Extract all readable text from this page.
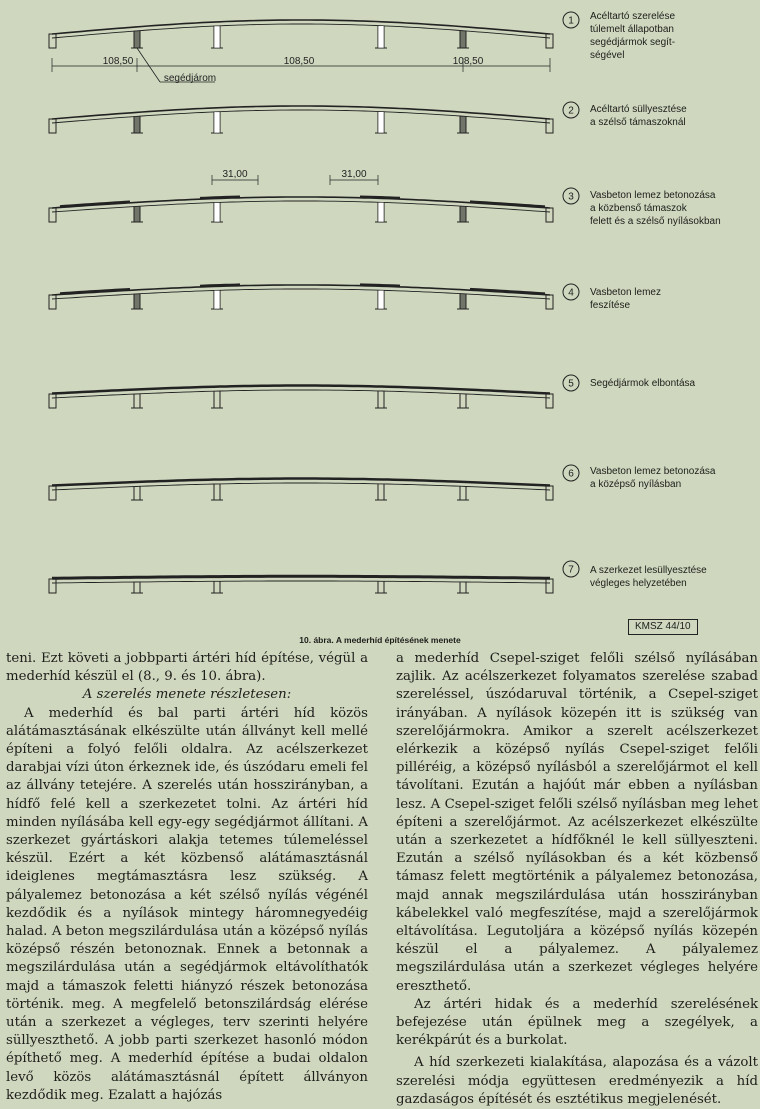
1
2
3
4
5
6
7
108,50	108,50	108,50
segédjárom
31,00	31,00
Acéltartó szerelése
túlemelt állapotban
segédjármok segít-
ségével
Acéltartó süllyesztése
a szélső támaszoknál
Vasbeton lemez betonozása
a közbenső támaszok
felett és a szélső nyílásokban
Vasbeton lemez
feszítése
Segédjármok elbontása
Vasbeton lemez betonozása
a középső nyílásban
A szerkezet lesüllyesztése
végleges helyzetében
KMSZ 44/10
10. ábra. A mederhíd építésének menete

teni. Ezt követi a jobbparti ártéri híd építése, végül a mederhíd készül el (8., 9. és 10. ábra).

A szerelés menete részletesen:

A mederhíd és bal parti ártéri híd közös alátámasztásának elkészülte után állványt kell mellé építeni a folyó felőli oldalra. Az acélszerkezet darabjai vízi úton érkeznek ide, és úszódaru emeli fel az állvány tetejére. A szerelés után hosszirányban, a hídfő felé kell a szerkezetet tolni. Az ártéri híd minden nyílásába kell egy-egy segédjármot állítani. A szerkezet gyártáskori alakja tetemes túlemeléssel készül. Ezért a két közbenső alátámasztásnál ideiglenes megtámasztásra lesz szükség. A pályalemez betonozása a két szélső nyílás végénél kezdődik és a nyílások mintegy háromnegyedéig halad. A beton megszilárdulása után a középső nyílás középső részén betonoznak. Ennek a betonnak a megszilárdulása után a segédjármok eltávolíthatók majd a támaszok feletti hiányzó részek betonozása történik. meg. A megfelelő betonszilárdság elérése után a szerkezet a végleges, terv szerinti helyére süllyeszthető. A jobb parti szerkezet hasonló módon építhető meg. A mederhíd építése a budai oldalon levő közös alátámasztásnál épített állványon kezdődik meg. Ezalatt a hajózás

a mederhíd Csepel-sziget felőli szélső nyílásában zajlik. Az acélszerkezet folyamatos szerelése szabad szereléssel, úszódaruval történik, a Csepel-sziget irányában. A nyílások közepén itt is szükség van szerelőjármokra. Amikor a szerelt acélszerkezet elérkezik a középső nyílás Csepel-sziget felőli pilléréig, a középső nyílásból a szerelőjármot el kell távolítani. Ezután a hajóút már ebben a nyílásban lesz. A Csepel-sziget felőli szélső nyílásban meg lehet építeni a szerelőjármot. Az acélszerkezet elkészülte után a szerkezetet a hídfőknél le kell süllyeszteni. Ezután a szélső nyílásokban és a két közbenső támasz felett megtörténik a pályalemez betonozása, majd annak megszilárdulása után hosszirányban kábelekkel való megfeszítése, majd a szerelőjármok eltávolítása. Legutoljára a középső nyílás közepén készül el a pályalemez. A pályalemez megszilárdulása után a szerkezet végleges helyére ereszthető.

Az ártéri hidak és a mederhíd szerelésének befejezése után épülnek meg a szegélyek, a kerékpárút és a burkolat.

A híd szerkezeti kialakítása, alapozása és a vázolt szerelési módja együttesen eredményezik a híd gazdaságos építését és esztétikus megjelenését.
